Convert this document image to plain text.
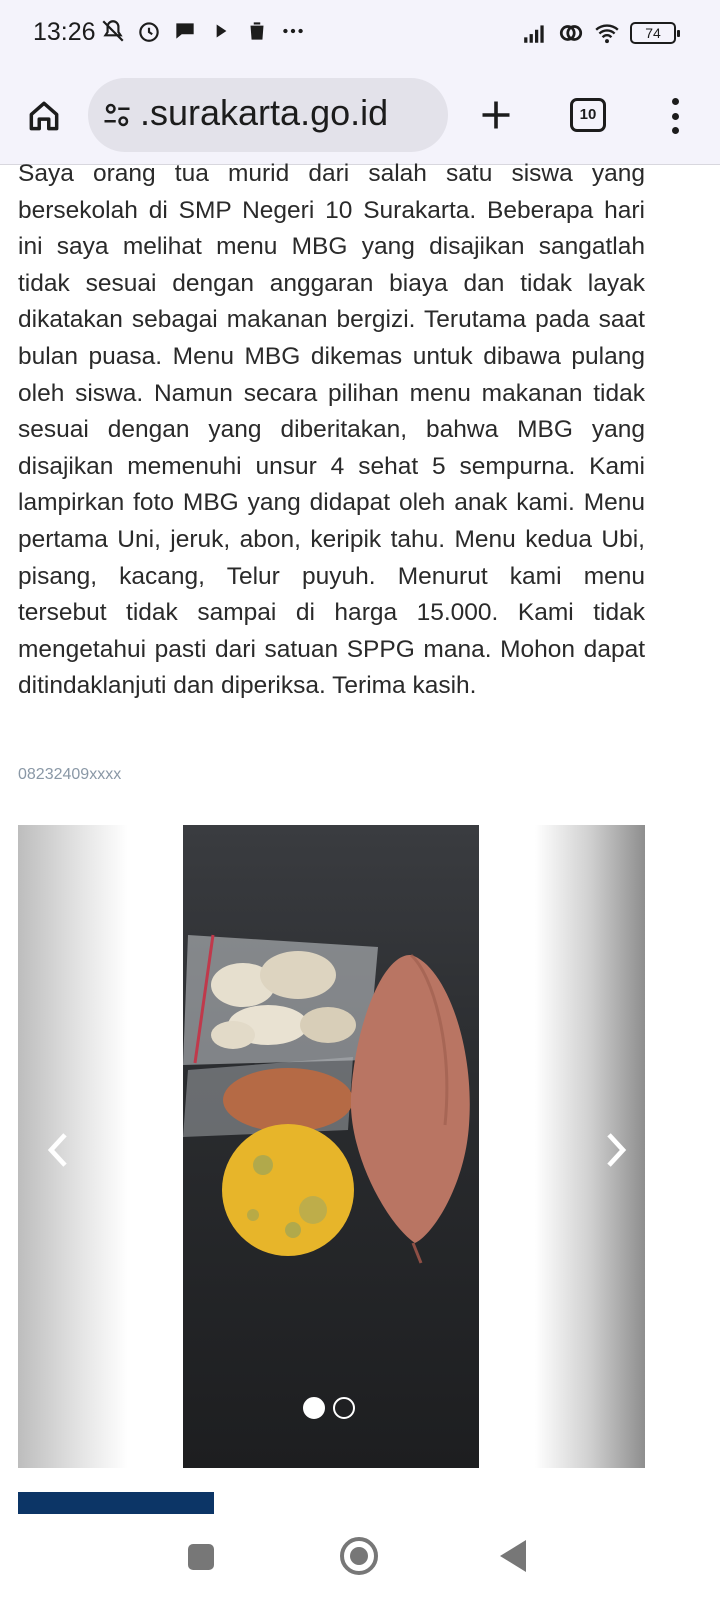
13:26	74
.surakarta.go.id	10

Saya orang tua murid dari salah satu siswa yang bersekolah di SMP Negeri 10 Surakarta. Beberapa hari ini saya melihat menu MBG yang disajikan sangatlah tidak sesuai dengan anggaran biaya dan tidak layak dikatakan sebagai makanan bergizi. Terutama pada saat bulan puasa. Menu MBG dikemas untuk dibawa pulang oleh siswa. Namun secara pilihan menu makanan tidak sesuai dengan yang diberitakan, bahwa MBG yang disajikan memenuhi unsur 4 sehat 5 sempurna. Kami lampirkan foto MBG yang didapat oleh anak kami. Menu pertama Uni, jeruk, abon, keripik tahu. Menu kedua Ubi, pisang, kacang, Telur puyuh. Menurut kami menu tersebut tidak sampai di harga 15.000. Kami tidak mengetahui pasti dari satuan SPPG mana. Mohon dapat ditindaklanjuti dan diperiksa. Terima kasih.

08232409xxxx
